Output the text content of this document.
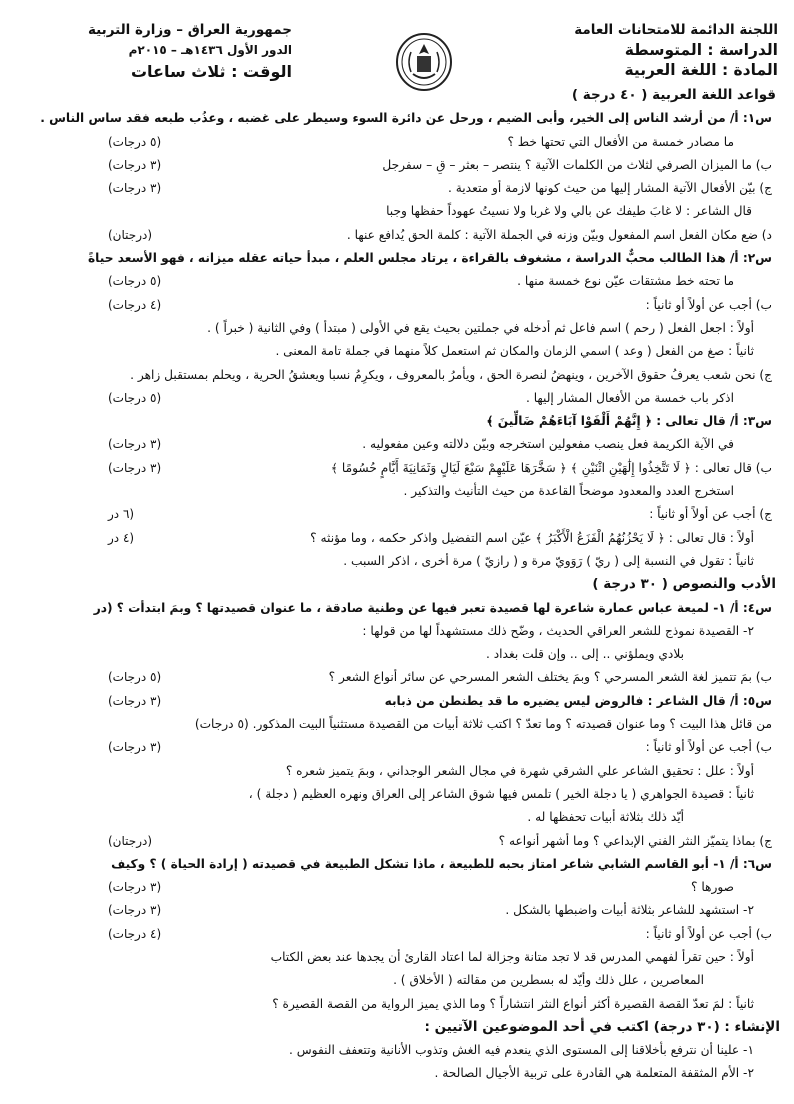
اللجنة الدائمة للامتحانات العامة
الدراسة : المتوسطة
المادة : اللغة العربية
جمهورية العراق – وزارة التربية
الدور الأول ١٤٣٦هـ – ٢٠١٥م
الوقت : ثلاث ساعات
قواعد اللغة العربية ( ٤٠ درجة )
س١: أ/ من أرشد الناس إلى الخير، وأبى الضيم ، ورحل عن دائرة السوء وسيطر على غضبه ، وعذُب طبعه فقد ساس الناس .
ما مصادر خمسة من الأفعال التي تحتها خط ؟
(٥ درجات)
ب) ما الميزان الصرفي لثلاث من الكلمات الآتية ؟ ينتصر – بعثر – قِ – سفرجل
(٣ درجات)
ج) بيّن الأفعال الآتية المشار إليها من حيث كونها لازمة أو متعدية .
(٣ درجات)
قال الشاعر : لا غابَ طيفك عن بالي ولا غربا ولا نسيتُ عهوداً حفظها وجبا
د) ضع مكان الفعل اسم المفعول وبيّن وزنه في الجملة الآتية : كلمة الحق يُدافع عنها .
(درجتان)
س٢: أ/ هذا الطالب محبٌّ الدراسة ، مشغوف بالقراءة ، يرتاد مجلس العلم ، مبدأ حياته عقله ميزانه ، فهو الأسعد حياةً
ما تحته خط مشتقات عيّن نوع خمسة منها .
(٥ درجات)
ب) أجب عن أولاً أو ثانياً :
(٤ درجات)
أولاً : اجعل الفعل ( رحم ) اسم فاعل ثم أدخله في جملتين بحيث يقع في الأولى ( مبتدأ ) وفي الثانية ( خبراً ) .
ثانياً : صغ من الفعل ( وعد ) اسمي الزمان والمكان ثم استعمل كلاً منهما في جملة تامة المعنى .
ج) نحن شعب يعرفُ حقوق الآخرين ، وينهضُ لنصرة الحق ، ويأمرُ بالمعروف ، ويكرِمُ نسبا ويعشقُ الحرية ، ويحلم بمستقبل زاهر .
اذكر باب خمسة من الأفعال المشار إليها .
(٥ درجات)
س٣: أ/ قال تعالى : ﴿ إِنَّهُمْ أَلْفَوْا آبَاءَهُمْ ضَالِّينَ ﴾
في الآية الكريمة فعل ينصب مفعولين استخرجه وبيّن دلالته وعين مفعوليه .
(٣ درجات)
ب) قال تعالى : ﴿ لَا تَتَّخِذُوا إِلَٰهَيْنِ اثْنَيْنِ ﴾ ﴿ سَخَّرَهَا عَلَيْهِمْ سَبْعَ لَيَالٍ وَثَمَانِيَةَ أَيَّامٍ حُسُومًا ﴾
(٣ درجات)
استخرج العدد والمعدود موضحاً القاعدة من حيث التأنيث والتذكير .
ج) أجب عن أولاً أو ثانياً :
(٦ در
أولاً : قال تعالى : ﴿ لَا يَحْزُنُهُمُ الْفَزَعُ الْأَكْبَرُ ﴾ عيّن اسم التفضيل واذكر حكمه ، وما مؤنثه ؟
(٤ در
ثانياً : تقول في النسبة إلى ( ريّ ) رَوَويّ مرة و ( رازيّ ) مرة أخرى ، اذكر السبب .
الأدب والنصوص ( ٣٠ درجة )
س٤: أ/ ١- لميعة عباس عمارة شاعرة لها قصيدة تعبر فيها عن وطنية صادقة ، ما عنوان قصيدتها ؟ وبمَ ابتدأت ؟ (در
٢- القصيدة نموذج للشعر العراقي الحديث ، وضّح ذلك مستشهداً لها من قولها :
بلادي ويملؤني .. إلى .. وإن قلت بغداد .
ب) بمَ تتميز لغة الشعر المسرحي ؟ وبمَ يختلف الشعر المسرحي عن سائر أنواع الشعر ؟
(٥ درجات)
س٥: أ/ قال الشاعر : فالروض ليس يضيره ما قد يطنطن من ذبابه
(٣ درجات)
من قائل هذا البيت ؟ وما عنوان قصيدته ؟ وما تعدّ ؟ اكتب ثلاثة أبيات من القصيدة مستثنياً البيت المذكور. (٥ درجات)
ب) أجب عن أولاً أو ثانياً :
(٣ درجات)
أولاً : علل : تحقيق الشاعر علي الشرقي شهرة في مجال الشعر الوجداني ، وبمَ يتميز شعره ؟
ثانياً : قصيدة الجواهري ( يا دجلة الخير ) تلمس فيها شوق الشاعر إلى العراق ونهره العظيم ( دجلة ) ،
أيّد ذلك بثلاثة أبيات تحفظها له .
ج) بماذا يتميّز النثر الفني الإبداعي ؟ وما أشهر أنواعه ؟
(درجتان)
س٦: أ/ ١- أبو القاسم الشابي شاعر امتاز بحبه للطبيعة ، ماذا تشكل الطبيعة في قصيدته ( إرادة الحياة ) ؟ وكيف
صورها ؟
(٣ درجات)
٢- استشهد للشاعر بثلاثة أبيات واضبطها بالشكل .
(٣ درجات)
ب) أجب عن أولاً أو ثانياً :
(٤ درجات)
أولاً : حين تقرأ لفهمي المدرس قد لا تجد متانة وجزالة لما اعتاد القارئ أن يجدها عند بعض الكتاب
المعاصرين ، علل ذلك وأيّد له بسطرين من مقالته ( الأخلاق ) .
ثانياً : لمَ تعدّ القصة القصيرة أكثر أنواع النثر انتشاراً ؟ وما الذي يميز الرواية من القصة القصيرة ؟
الإنشاء : (٣٠ درجة) اكتب في أحد الموضوعين الآتيين :
١- علينا أن نترفع بأخلاقنا إلى المستوى الذي ينعدم فيه الغش وتذوب الأنانية وتتعفف النفوس .
٢- الأم المثقفة المتعلمة هي القادرة على تربية الأجيال الصالحة .
